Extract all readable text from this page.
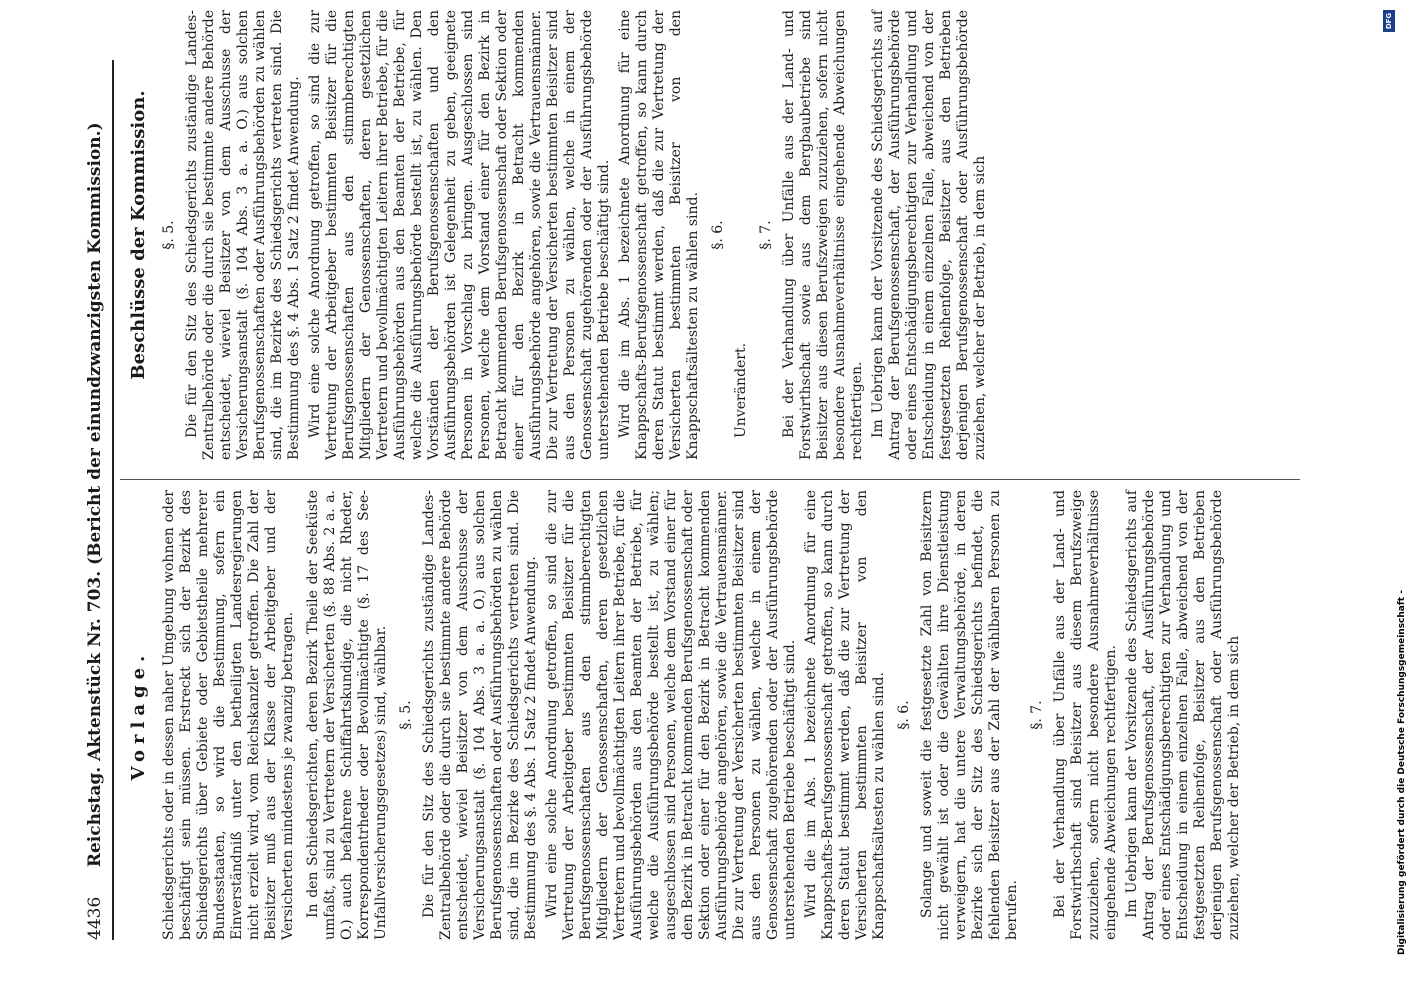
4436     Reichstag. Aktenstück Nr. 703. (Bericht der einundzwanzigsten Kommission.) Vorlage. Schiedsgerichts oder in dessen naher Umgebung wohnen oder beschäftigt sein müssen. Erstreckt sich der Bezirk des Schiedsgerichts über Gebiete oder Gebietstheile mehrerer Bundesstaaten, so wird die Bestimmung, sofern ein Einverständniß unter den betheiligten Landesregierungen nicht erzielt wird, vom Reichskanzler getroffen. Die Zahl der Beisitzer muß aus der Klasse der Arbeitgeber und der Versicherten mindestens je zwanzig betragen. In den Schiedsgerichten, deren Bezirk Theile der Seeküste umfaßt, sind zu Vertretern der Versicherten (§. 88 Abs. 2 a. a. O.) auch befahrene Schiffahrtskundige, die nicht Rheder, Korrespondentrheder oder Bevollmächtigte (§. 17 des See-Unfallversicherungsgesetzes) sind, wählbar. §. 5. Die für den Sitz des Schiedsgerichts zuständige Landes-Zentralbehörde oder die durch sie bestimmte andere Behörde entscheidet, wieviel Beisitzer von dem Ausschusse der Versicherungsanstalt (§. 104 Abs. 3 a. a. O.) aus solchen Berufsgenossenschaften oder Ausführungsbehörden zu wählen sind, die im Bezirke des Schiedsgerichts vertreten sind. Die Bestimmung des §. 4 Abs. 1 Satz 2 findet Anwendung. Wird eine solche Anordnung getroffen, so sind die zur Vertretung der Arbeitgeber bestimmten Beisitzer für die Berufsgenossenschaften aus den stimmberechtigten Mitgliedern der Genossenschaften, deren gesetzlichen Vertretern und bevollmächtigten Leitern ihrer Betriebe, für die Ausführungsbehörden aus den Beamten der Betriebe, für welche die Ausführungsbehörde bestellt ist, zu wählen; ausgeschlossen sind Personen, welche dem Vorstand einer für den Bezirk in Betracht kommenden Berufsgenossenschaft oder Sektion oder einer für den Bezirk in Betracht kommenden Ausführungsbehörde angehören, sowie die Vertrauensmänner. Die zur Vertretung der Versicherten bestimmten Beisitzer sind aus den Personen zu wählen, welche in einem der Genossenschaft zugehörenden oder der Ausführungsbehörde unterstehenden Betriebe beschäftigt sind. Wird die im Abs. 1 bezeichnete Anordnung für eine Knappschafts-Berufsgenossenschaft getroffen, so kann durch deren Statut bestimmt werden, daß die zur Vertretung der Versicherten bestimmten Beisitzer von den Knappschaftsältesten zu wählen sind. §. 6. Solange und soweit die festgesetzte Zahl von Beisitzern nicht gewählt ist oder die Gewählten ihre Dienstleistung verweigern, hat die untere Verwaltungsbehörde, in deren Bezirke sich der Sitz des Schiedsgerichts befindet, die fehlenden Beisitzer aus der Zahl der wählbaren Personen zu berufen.

§. 7. Bei der Verhandlung über Unfälle aus der Land- und Forstwirthschaft sind Beisitzer aus diesem Berufszweige zuzuziehen, sofern nicht besondere Ausnahmeverhältnisse eingehende Abweichungen rechtfertigen. Im Uebrigen kann der Vorsitzende des Schiedsgerichts auf Antrag der Berufsgenossenschaft, der Ausführungsbehörde oder eines Entschädigungsberechtigten zur Verhandlung und Entscheidung in einem einzelnen Falle, abweichend von der festgesetzten Reihenfolge, Beisitzer aus den Betrieben derjenigen Berufsgenossenschaft oder Ausführungsbehörde zuziehen, welcher der Betrieb, in dem sich

Beschlüsse der Kommission. §. 5. Die für den Sitz des Schiedsgerichts zuständige Landes-Zentralbehörde oder die durch sie bestimmte andere Behörde entscheidet, wieviel Beisitzer von dem Ausschusse der Versicherungsanstalt (§. 104 Abs. 3 a. a. O.) aus solchen Berufsgenossenschaften oder Ausführungsbehörden zu wählen sind, die im Bezirke des Schiedsgerichts vertreten sind. Die Bestimmung des §. 4 Abs. 1 Satz 2 findet Anwendung. Wird eine solche Anordnung getroffen, so sind die zur Vertretung der Arbeitgeber bestimmten Beisitzer für die Berufsgenossenschaften aus den stimmberechtigten Mitgliedern der Genossenschaften, deren gesetzlichen Vertretern und bevollmächtigten Leitern ihrer Betriebe, für die Ausführungsbehörden aus den Beamten der Betriebe, für welche die Ausführungsbehörde bestellt ist, zu wählen. Den Vorständen der Berufsgenossenschaften und den Ausführungsbehörden ist Gelegenheit zu geben, geeignete Personen in Vorschlag zu bringen. Ausgeschlossen sind Personen, welche dem Vorstand einer für den Bezirk in Betracht kommenden Berufsgenossenschaft oder Sektion oder einer für den Bezirk in Betracht kommenden Ausführungsbehörde angehören, sowie die Vertrauensmänner. Die zur Vertretung der Versicherten bestimmten Beisitzer sind aus den Personen zu wählen, welche in einem der Genossenschaft zugehörenden oder der Ausführungsbehörde unterstehenden Betriebe beschäftigt sind. Wird die im Abs. 1 bezeichnete Anordnung für eine Knappschafts-Berufsgenossenschaft getroffen, so kann durch deren Statut bestimmt werden, daß die zur Vertretung der Versicherten bestimmten Beisitzer von den Knappschaftsältesten zu wählen sind. §. 6.

Unverändert.

§. 7. Bei der Verhandlung über Unfälle aus der Land- und Forstwirthschaft sowie aus dem Bergbaubetriebe sind Beisitzer aus diesen Berufszweigen zuzuziehen, sofern nicht besondere Ausnahmeverhältnisse eingehende Abweichungen rechtfertigen. Im Uebrigen kann der Vorsitzende des Schiedsgerichts auf Antrag der Berufsgenossenschaft, der Ausführungsbehörde oder eines Entschädigungsberechtigten zur Verhandlung und Entscheidung in einem einzelnen Falle, abweichend von der festgesetzten Reihenfolge, Beisitzer aus den Betrieben derjenigen Berufsgenossenschaft oder Ausführungsbehörde zuziehen, welcher der Betrieb, in dem sich

Digitalisierung gefördert durch die Deutsche Forschungsgemeinschaft -
DFG
